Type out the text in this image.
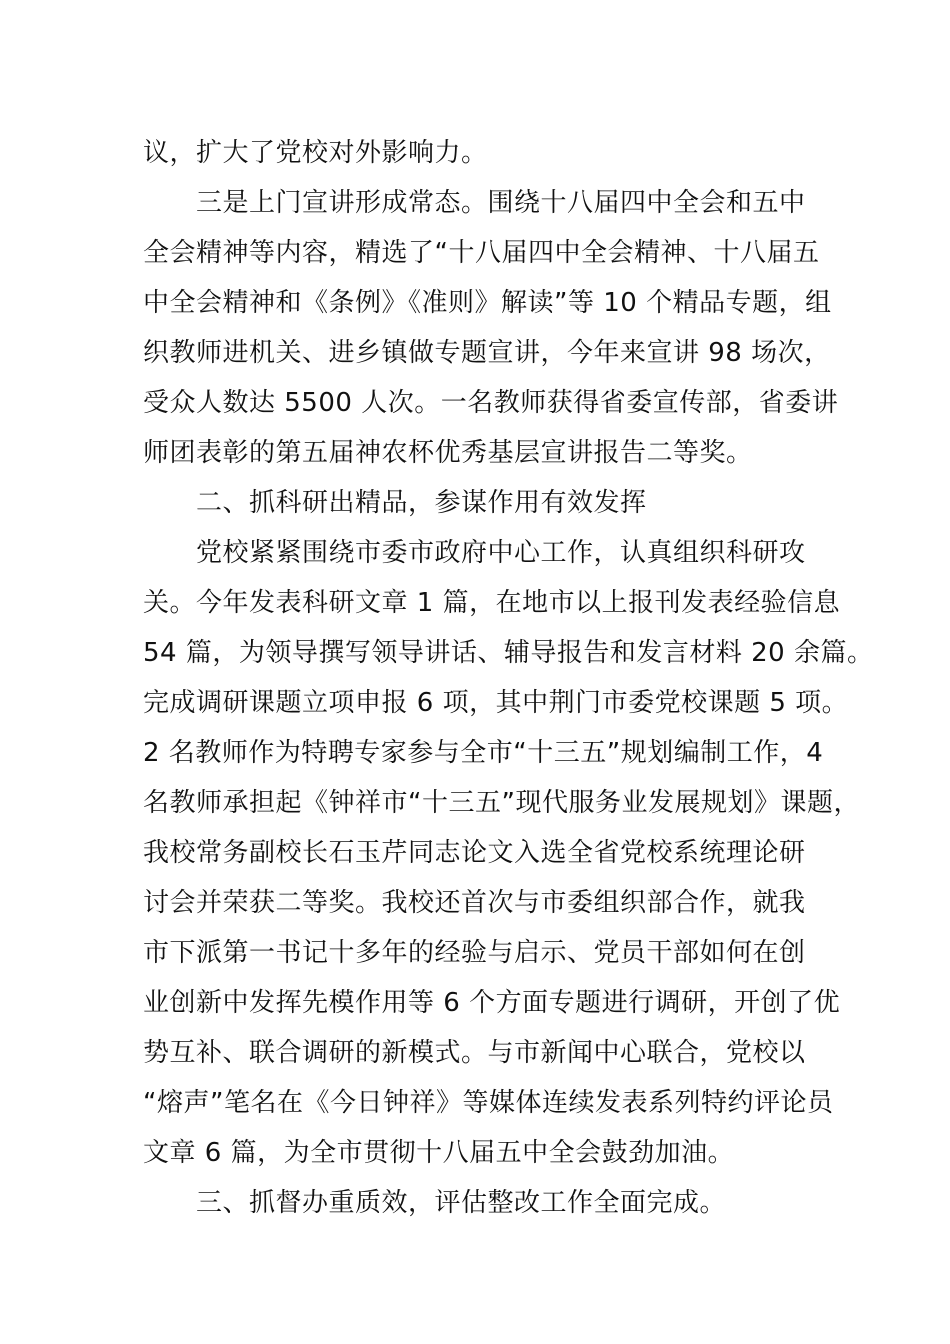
议，扩大了党校对外影响力。
三是上门宣讲形成常态。围绕十八届四中全会和五中
全会精神等内容，精选了“十八届四中全会精神、十八届五
中全会精神和《条例》《准则》解读”等 10 个精品专题，组
织教师进机关、进乡镇做专题宣讲，今年来宣讲 98 场次，
受众人数达 5500 人次。一名教师获得省委宣传部，省委讲
师团表彰的第五届神农杯优秀基层宣讲报告二等奖。
二、抓科研出精品，参谋作用有效发挥
党校紧紧围绕市委市政府中心工作，认真组织科研攻
关。今年发表科研文章 1 篇，在地市以上报刊发表经验信息
54 篇，为领导撰写领导讲话、辅导报告和发言材料 20 余篇。
完成调研课题立项申报 6 项，其中荆门市委党校课题 5 项。
2 名教师作为特聘专家参与全市“十三五”规划编制工作，4
名教师承担起《钟祥市“十三五”现代服务业发展规划》课题，
我校常务副校长石玉芹同志论文入选全省党校系统理论研
讨会并荣获二等奖。我校还首次与市委组织部合作，就我
市下派第一书记十多年的经验与启示、党员干部如何在创
业创新中发挥先模作用等 6 个方面专题进行调研，开创了优
势互补、联合调研的新模式。与市新闻中心联合，党校以
“熔声”笔名在《今日钟祥》等媒体连续发表系列特约评论员
文章 6 篇，为全市贯彻十八届五中全会鼓劲加油。
三、抓督办重质效，评估整改工作全面完成。
